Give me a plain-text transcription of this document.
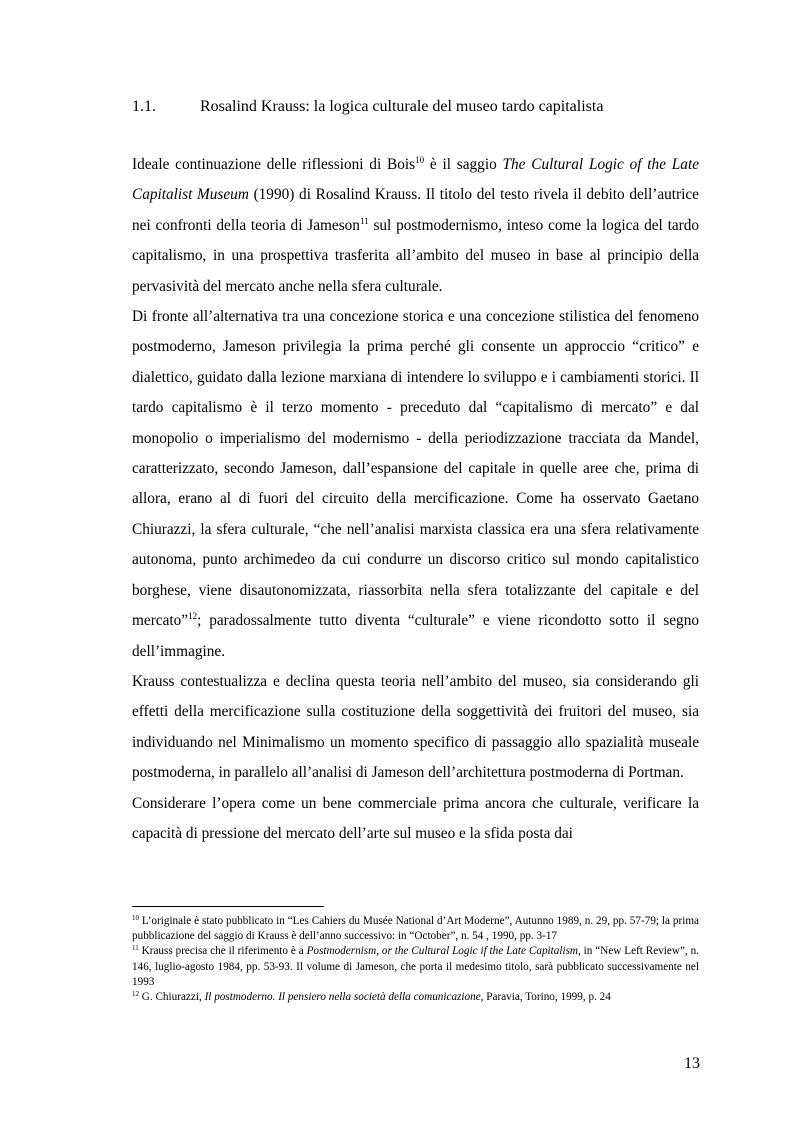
1.1.	Rosalind Krauss: la logica culturale del museo tardo capitalista

Ideale continuazione delle riflessioni di Bois$^{10}$ è il saggio The Cultural Logic of the Late Capitalist Museum (1990) di Rosalind Krauss. Il titolo del testo rivela il debito dell’autrice nei confronti della teoria di Jameson$^{11}$ sul postmodernismo, inteso come la logica del tardo capitalismo, in una prospettiva trasferita all’ambito del museo in base al principio della pervasività del mercato anche nella sfera culturale.

Di fronte all’alternativa tra una concezione storica e una concezione stilistica del fenomeno postmoderno, Jameson privilegia la prima perché gli consente un approccio “critico” e dialettico, guidato dalla lezione marxiana di intendere lo sviluppo e i cambiamenti storici. Il tardo capitalismo è il terzo momento - preceduto dal “capitalismo di mercato” e dal monopolio o imperialismo del modernismo - della periodizzazione tracciata da Mandel, caratterizzato, secondo Jameson, dall’espansione del capitale in quelle aree che, prima di allora, erano al di fuori del circuito della mercificazione. Come ha osservato Gaetano Chiurazzi, la sfera culturale, “che nell’analisi marxista classica era una sfera relativamente autonoma, punto archimedeo da cui condurre un discorso critico sul mondo capitalistico borghese, viene disautonomizzata, riassorbita nella sfera totalizzante del capitale e del mercato”$^{12}$; paradossalmente tutto diventa “culturale” e viene ricondotto sotto il segno dell’immagine.

Krauss contestualizza e declina questa teoria nell’ambito del museo, sia considerando gli effetti della mercificazione sulla costituzione della soggettività dei fruitori del museo, sia individuando nel Minimalismo un momento specifico di passaggio allo spazialità museale postmoderna, in parallelo all’analisi di Jameson dell’architettura postmoderna di Portman.

Considerare l’opera come un bene commerciale prima ancora che culturale, verificare la capacità di pressione del mercato dell’arte sul museo e la sfida posta dai

$^{10}$ L’originale è stato pubblicato in “Les Cahiers du Musée National d’Art Moderne”, Autunno 1989, n. 29, pp. 57-79; la prima pubblicazione del saggio di Krauss è dell’anno successivo: in “October”, n. 54 , 1990, pp. 3-17

$^{11}$ Krauss precisa che il riferimento è a Postmodernism, or the Cultural Logic if the Late Capitalism, in “New Left Review”, n. 146, luglio-agosto 1984, pp. 53-93. Il volume di Jameson, che porta il medesimo titolo, sarà pubblicato successivamente nel 1993

$^{12}$ G. Chiurazzi, Il postmoderno. Il pensiero nella società della comunicazione, Paravia, Torino, 1999, p. 24

13
